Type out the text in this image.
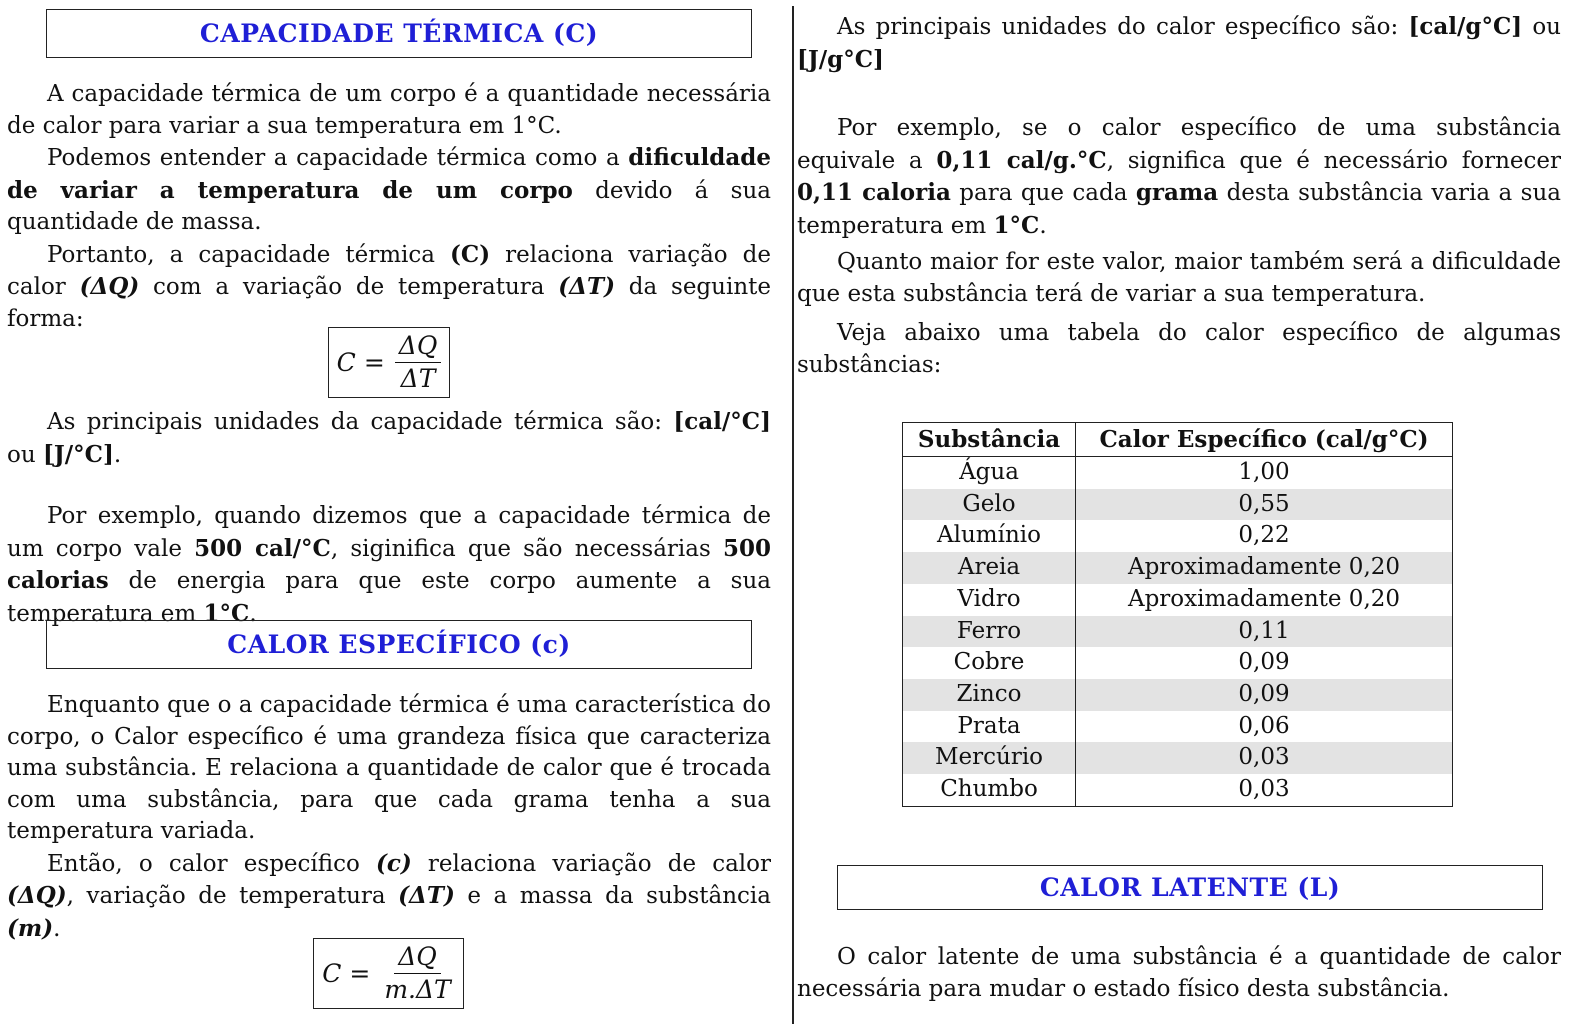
CAPACIDADE TÉRMICA (C)

A capacidade térmica de um corpo é a quantidade necessária de calor para variar a sua temperatura em 1°C.

Podemos entender a capacidade térmica como a dificuldade de variar a temperatura de um corpo devido á sua quantidade de massa.

Portanto, a capacidade térmica (C) relaciona variação de calor (ΔQ) com a variação de temperatura (ΔT) da seguinte forma:

$C = \frac{\Delta Q}{\Delta T}$

As principais unidades da capacidade térmica são: [cal/°C] ou [J/°C].

Por exemplo, quando dizemos que a capacidade térmica de um corpo vale 500 cal/°C, siginifica que são necessárias 500 calorias de energia para que este corpo aumente a sua temperatura em 1°C.

CALOR ESPECÍFICO (c)

Enquanto que o a capacidade térmica é uma característica do corpo, o Calor específico é uma grandeza física que caracteriza uma substância. E relaciona a quantidade de calor que é trocada com uma substância, para que cada grama tenha a sua temperatura variada.

Então, o calor específico (c) relaciona variação de calor (ΔQ), variação de temperatura (ΔT) e a massa da substância (m).

$C = \frac{\Delta Q}{m.\Delta T}$

As principais unidades do calor específico são: [cal/g°C] ou [J/g°C]

Por exemplo, se o calor específico de uma substância equivale a 0,11 cal/g.°C, significa que é necessário fornecer 0,11 caloria para que cada grama desta substância varia a sua temperatura em 1°C.

Quanto maior for este valor, maior também será a dificuldade que esta substância terá de variar a sua temperatura.

Veja abaixo uma tabela do calor específico de algumas substâncias:

Substância	Calor Específico (cal/g°C)
Água	1,00
Gelo	0,55
Alumínio	0,22
Areia	Aproximadamente 0,20
Vidro	Aproximadamente 0,20
Ferro	0,11
Cobre	0,09
Zinco	0,09
Prata	0,06
Mercúrio	0,03
Chumbo	0,03
CALOR LATENTE (L)

O calor latente de uma substância é a quantidade de calor necessária para mudar o estado físico desta substância.
